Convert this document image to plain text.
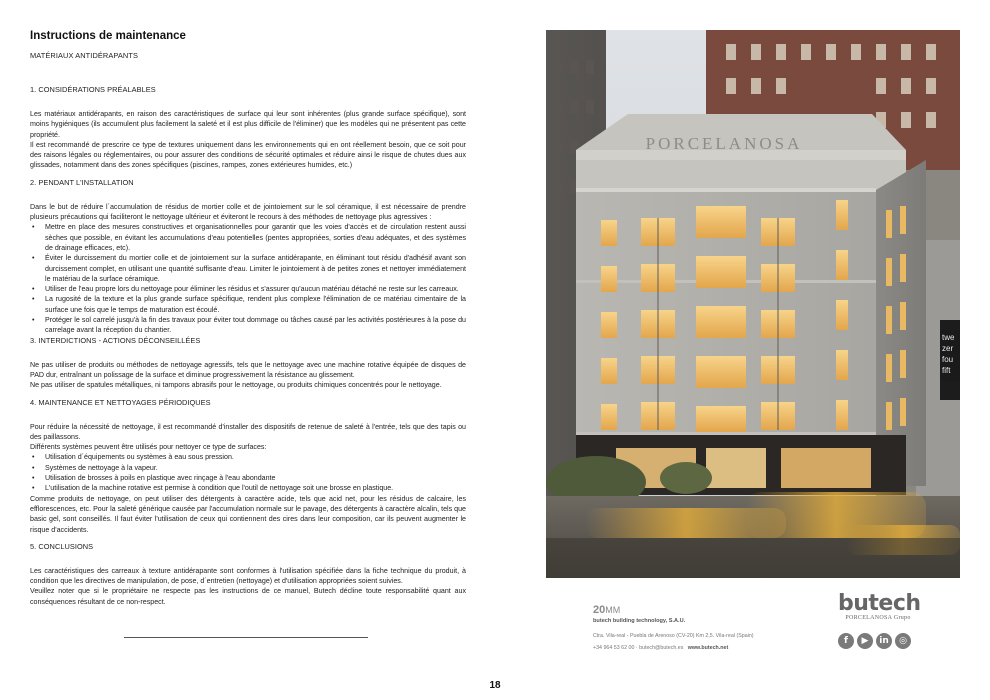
Instructions de maintenance

MATÉRIAUX ANTIDÉRAPANTS

1. CONSIDÉRATIONS PRÉALABLES

Les matériaux antidérapants, en raison des caractéristiques de surface qui leur sont inhérentes (plus grande surface spécifique), sont moins hygiéniques (ils accumulent plus facilement la saleté et il est plus difficile de l'éliminer) que les modèles qui ne présentent pas cette propriété.

Il est recommandé de prescrire ce type de textures uniquement dans les environnements qui en ont réellement besoin, que ce soit pour des raisons légales ou réglementaires, ou pour assurer des conditions de sécurité optimales et réduire ainsi le risque de chutes dues aux glissades, notamment dans des zones spécifiques (piscines, rampes, zones extérieures humides, etc.)

2. PENDANT L'INSTALLATION

Dans le but de réduire l´accumulation de résidus de mortier colle et de jointoiement sur le sol céramique, il est nécessaire de prendre plusieurs précautions qui faciliteront le nettoyage ultérieur et éviteront le recours à des méthodes de nettoyage plus agressives :

• Mettre en place des mesures constructives et organisationnelles pour garantir que les voies d'accès et de circulation restent aussi sèches que possible, en évitant les accumulations d'eau potentielles (pentes appropriées, sorties d'eau adéquates, et des systèmes de drainage efficaces, etc).
• Éviter le durcissement du mortier colle et de jointoiement sur la surface antidérapante, en éliminant tout résidu d'adhésif avant son durcissement complet, en utilisant une quantité suffisante d'eau. Limiter le jointoiement à de petites zones et nettoyer immédiatement le matériau de la surface céramique.
• Utiliser de l'eau propre lors du nettoyage pour éliminer les résidus et s'assurer qu'aucun matériau détaché ne reste sur les carreaux.
• La rugosité de la texture et la plus grande surface spécifique, rendent plus complexe l'élimination de ce matériau cimentaire de la surface une fois que le temps de maturation est écoulé.
• Protéger le sol carrelé jusqu'à la fin des travaux pour éviter tout dommage ou tâches causé par les activités postérieures à la pose du carrelage avant la réception du chantier.

3. INTERDICTIONS - ACTIONS DÉCONSEILLÉES

Ne pas utiliser de produits ou méthodes de nettoyage agressifs, tels que le nettoyage avec une machine rotative équipée de disques de PAD dur, entraînant un polissage de la surface et diminue progressivement la résistance au glissement.

Ne pas utiliser de spatules métalliques, ni tampons abrasifs pour le nettoyage, ou produits chimiques concentrés pour le nettoyage.

4. MAINTENANCE ET NETTOYAGES PÉRIODIQUES

Pour réduire la nécessité de nettoyage, il est recommandé d'installer des dispositifs de retenue de saleté à l'entrée, tels que des tapis ou des paillassons.

Différents systèmes peuvent être utilisés pour nettoyer ce type de surfaces:

• Utilisation d´équipements ou systèmes à eau sous pression.
• Systèmes de nettoyage à la vapeur.
• Utilisation de brosses à poils en plastique avec rinçage à l'eau abondante
• L'utilisation de la machine rotative est permise à condition que l'outil de nettoyage soit une brosse en plastique.

Comme produits de nettoyage, on peut utiliser des détergents à caractère acide, tels que acid net, pour les résidus de calcaire, les efflorescences, etc. Pour la saleté générique causée par l'accumulation normale sur le pavage, des détergents à caractère alcalin, tels que basic gel, sont conseillés. Il faut éviter l'utilisation de ceux qui contiennent des cires dans leur composition, car ils peuvent augmenter le risque d'accidents.

5. CONCLUSIONS

Les caractéristiques des carreaux à texture antidérapante sont conformes à l'utilisation spécifiée dans la fiche technique du produit, à condition que les directives de manipulation, de pose, d´entretien (nettoyage) et d'utilisation appropriées soient suivies.

Veuillez noter que si le propriétaire ne respecte pas les instructions de ce manuel, Butech décline toute responsabilité quant aux conséquences résultant de ce non-respect.

PORCELANOSA
twe
zer
fou
fift

20MM

butech building technology, S.A.U.
Ctra. Vila-real - Puebla de Arenoso (CV-20) Km 2,5. Vila-real (Spain)
+34 964 53 62 00 · butech@butech.es www.butech.net
butech
PORCELANOSA Grupo
f	▶	in	◎
18
